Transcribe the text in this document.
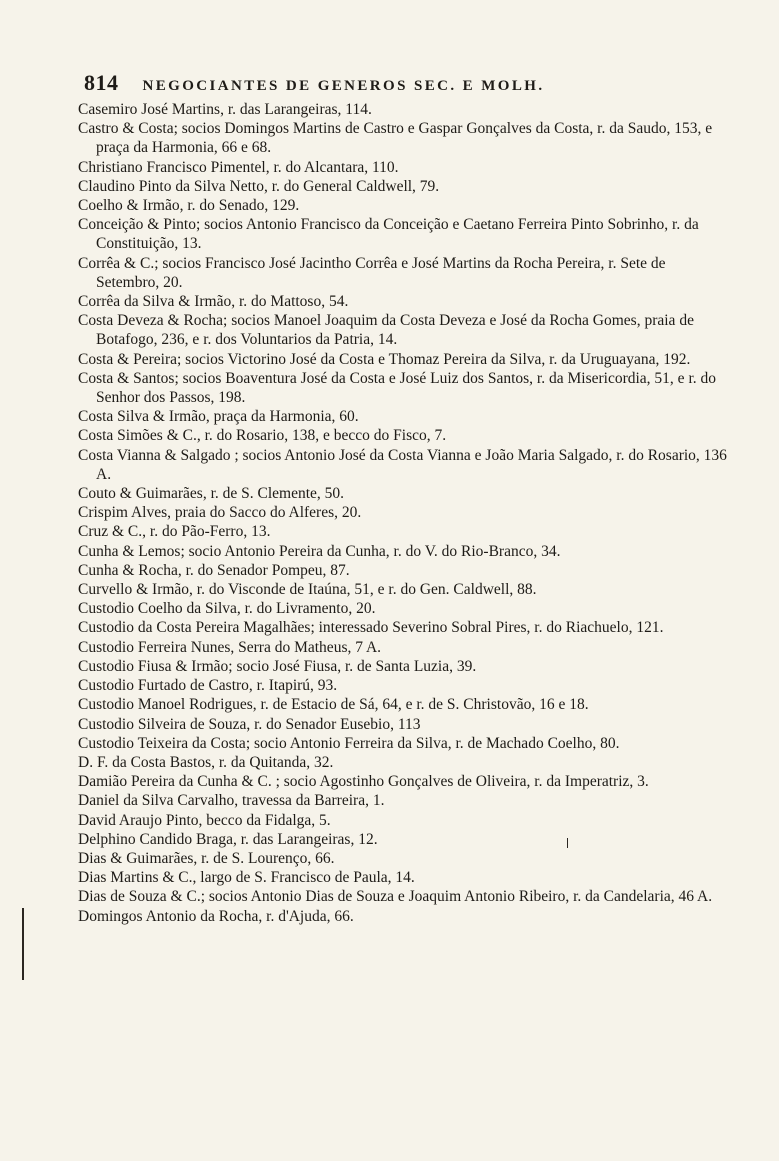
814 NEGOCIANTES DE GENEROS SEC. E MOLH.

Casemiro José Martins, r. das Larangeiras, 114.

Castro & Costa; socios Domingos Martins de Castro e Gaspar Gonçalves da Costa, r. da Saudo, 153, e praça da Harmonia, 66 e 68.

Christiano Francisco Pimentel, r. do Alcantara, 110.

Claudino Pinto da Silva Netto, r. do General Caldwell, 79.

Coelho & Irmão, r. do Senado, 129.

Conceição & Pinto; socios Antonio Francisco da Conceição e Caetano Ferreira Pinto Sobrinho, r. da Constituição, 13.

Corrêa & C.; socios Francisco José Jacintho Corrêa e José Martins da Rocha Pereira, r. Sete de Setembro, 20.

Corrêa da Silva & Irmão, r. do Mattoso, 54.

Costa Deveza & Rocha; socios Manoel Joaquim da Costa Deveza e José da Rocha Gomes, praia de Botafogo, 236, e r. dos Voluntarios da Patria, 14.

Costa & Pereira; socios Victorino José da Costa e Thomaz Pereira da Silva, r. da Uruguayana, 192.

Costa & Santos; socios Boaventura José da Costa e José Luiz dos Santos, r. da Misericordia, 51, e r. do Senhor dos Passos, 198.

Costa Silva & Irmão, praça da Harmonia, 60.

Costa Simões & C., r. do Rosario, 138, e becco do Fisco, 7.

Costa Vianna & Salgado ; socios Antonio José da Costa Vianna e João Maria Salgado, r. do Rosario, 136 A.

Couto & Guimarães, r. de S. Clemente, 50.

Crispim Alves, praia do Sacco do Alferes, 20.

Cruz & C., r. do Pão-Ferro, 13.

Cunha & Lemos; socio Antonio Pereira da Cunha, r. do V. do Rio-Branco, 34.

Cunha & Rocha, r. do Senador Pompeu, 87.

Curvello & Irmão, r. do Visconde de Itaúna, 51, e r. do Gen. Caldwell, 88.

Custodio Coelho da Silva, r. do Livramento, 20.

Custodio da Costa Pereira Magalhães; interessado Severino Sobral Pires, r. do Riachuelo, 121.

Custodio Ferreira Nunes, Serra do Matheus, 7 A.

Custodio Fiusa & Irmão; socio José Fiusa, r. de Santa Luzia, 39.

Custodio Furtado de Castro, r. Itapirú, 93.

Custodio Manoel Rodrigues, r. de Estacio de Sá, 64, e r. de S. Christovão, 16 e 18.

Custodio Silveira de Souza, r. do Senador Eusebio, 113

Custodio Teixeira da Costa; socio Antonio Ferreira da Silva, r. de Machado Coelho, 80.

D. F. da Costa Bastos, r. da Quitanda, 32.

Damião Pereira da Cunha & C. ; socio Agostinho Gonçalves de Oliveira, r. da Imperatriz, 3.

Daniel da Silva Carvalho, travessa da Barreira, 1.

David Araujo Pinto, becco da Fidalga, 5.

Delphino Candido Braga, r. das Larangeiras, 12.

Dias & Guimarães, r. de S. Lourenço, 66.

Dias Martins & C., largo de S. Francisco de Paula, 14.

Dias de Souza & C.; socios Antonio Dias de Souza e Joaquim Antonio Ribeiro, r. da Candelaria, 46 A.

Domingos Antonio da Rocha, r. d'Ajuda, 66.
